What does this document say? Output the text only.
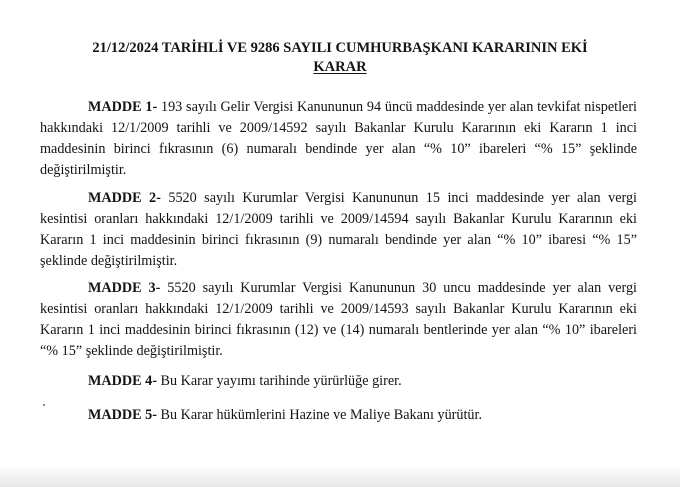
21/12/2024 TARİHLİ VE 9286 SAYILI CUMHURBAŞKANI KARARININ EKİ
KARAR
MADDE 1- 193 sayılı Gelir Vergisi Kanununun 94 üncü maddesinde yer alan tevkifat nispetleri hakkındaki 12/1/2009 tarihli ve 2009/14592 sayılı Bakanlar Kurulu Kararının eki Kararın 1 inci maddesinin birinci fıkrasının (6) numaralı bendinde yer alan “% 10” ibareleri “% 15” şeklinde değiştirilmiştir.
MADDE 2- 5520 sayılı Kurumlar Vergisi Kanununun 15 inci maddesinde yer alan vergi kesintisi oranları hakkındaki 12/1/2009 tarihli ve 2009/14594 sayılı Bakanlar Kurulu Kararının eki Kararın 1 inci maddesinin birinci fıkrasının (9) numaralı bendinde yer alan “% 10” ibaresi “% 15” şeklinde değiştirilmiştir.
MADDE 3- 5520 sayılı Kurumlar Vergisi Kanununun 30 uncu maddesinde yer alan vergi kesintisi oranları hakkındaki 12/1/2009 tarihli ve 2009/14593 sayılı Bakanlar Kurulu Kararının eki Kararın 1 inci maddesinin birinci fıkrasının (12) ve (14) numaralı bentlerinde yer alan “% 10” ibareleri “% 15” şeklinde değiştirilmiştir.
MADDE 4- Bu Karar yayımı tarihinde yürürlüğe girer.
MADDE 5- Bu Karar hükümlerini Hazine ve Maliye Bakanı yürütür.
